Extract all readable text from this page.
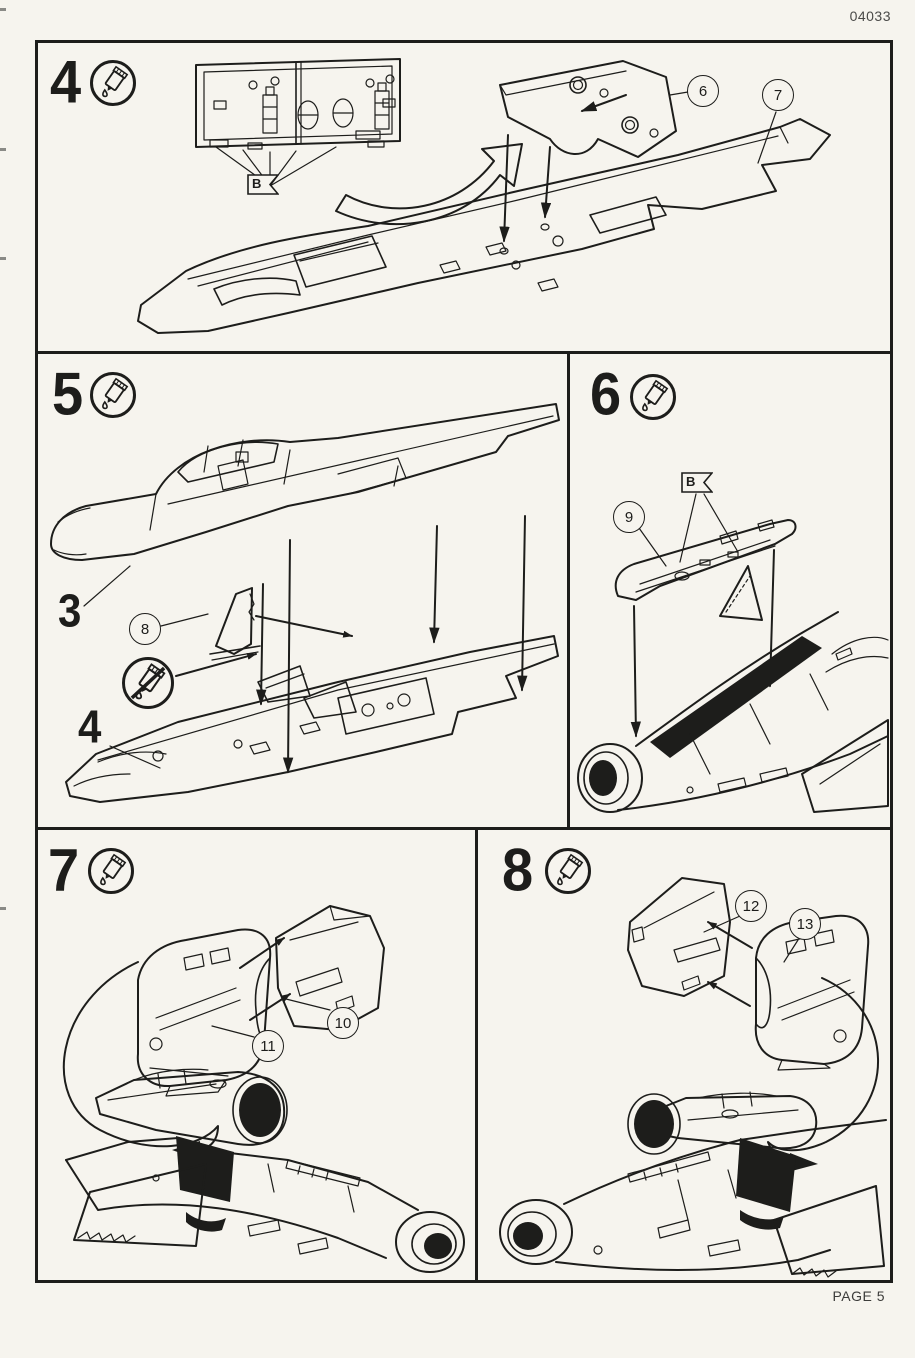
04033
PAGE 5
4
5	6
7	8
B
B
3
4
6	7
8
9
10
11
12
13
